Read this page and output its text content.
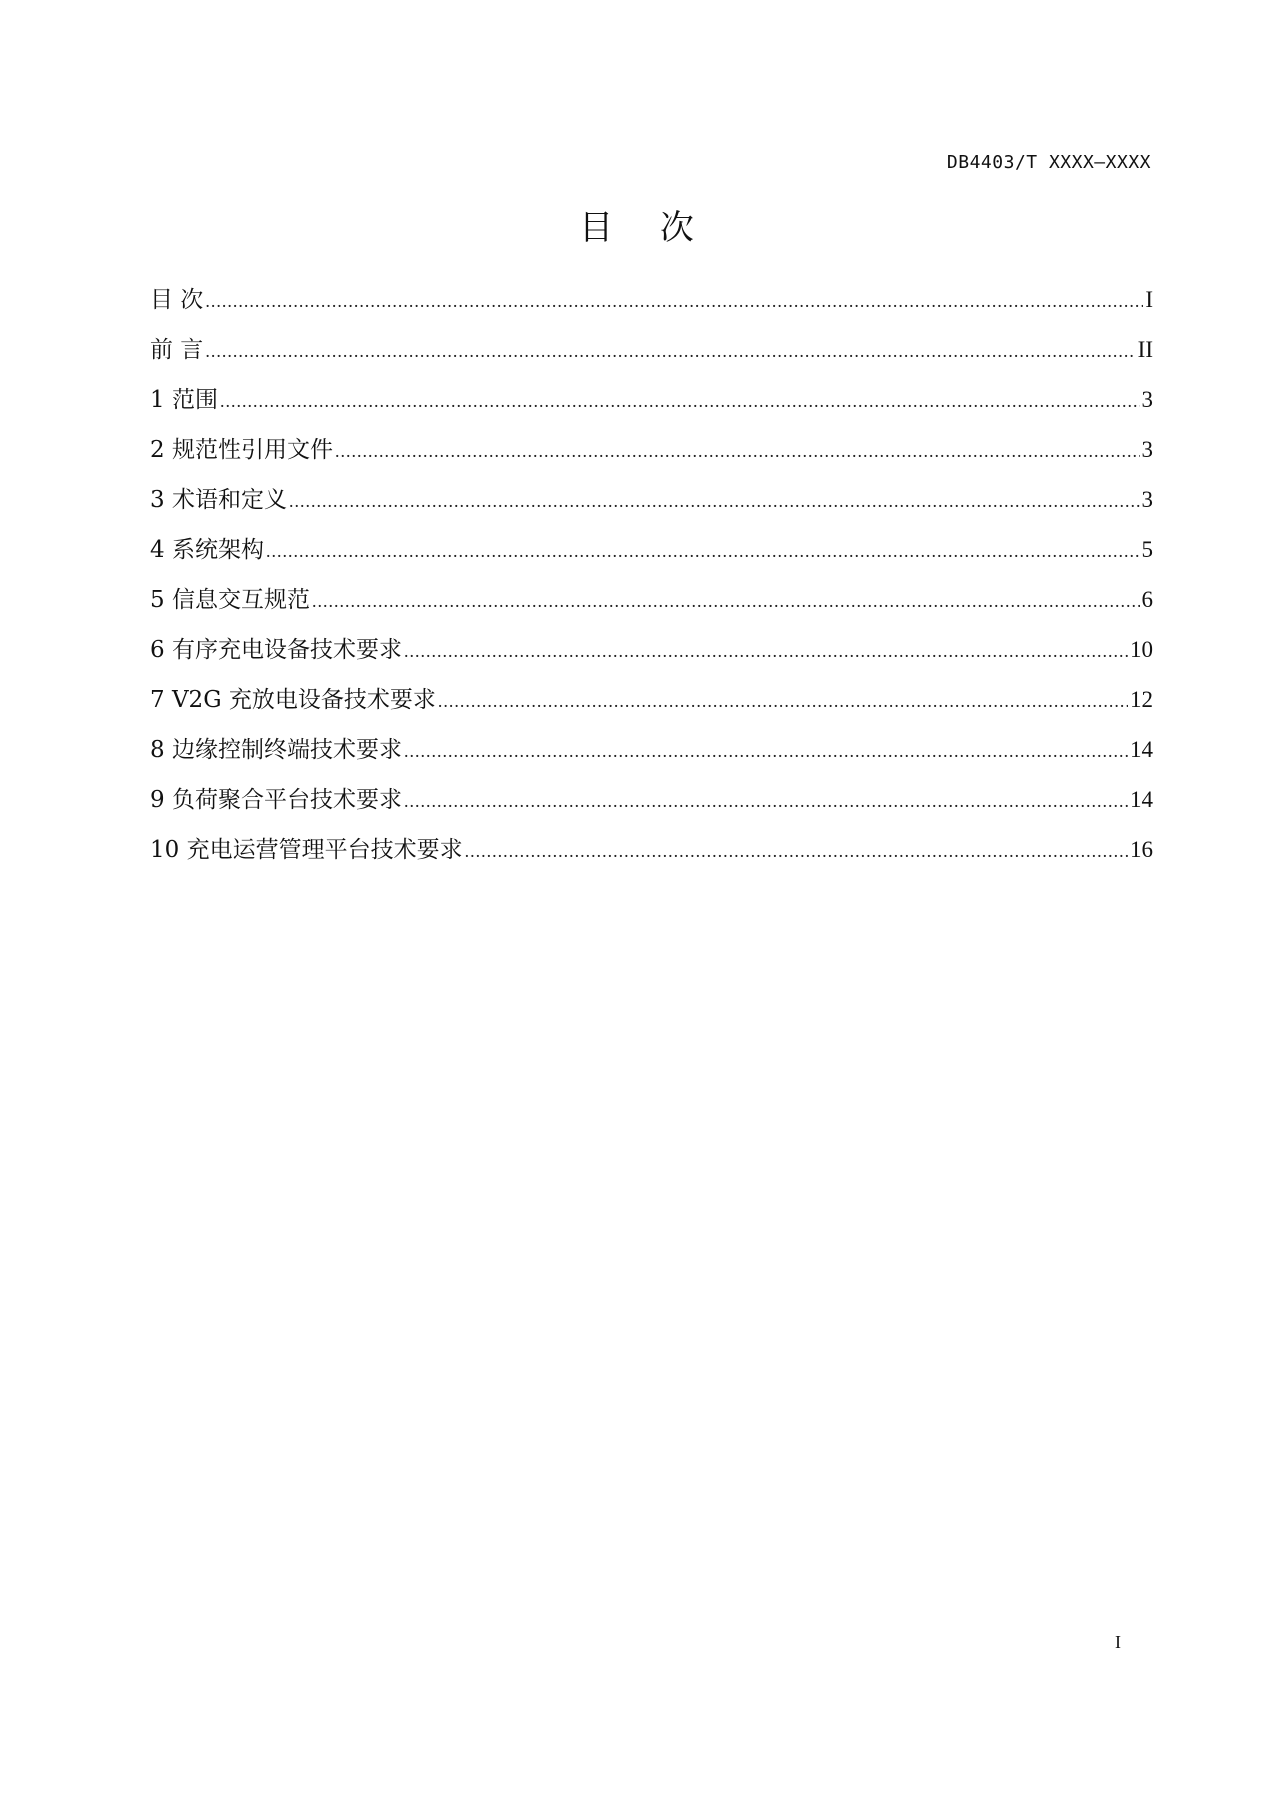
DB4403/T XXXX—XXXX
目 次
目 次 .....	I
前 言 .....	II
1 范围 .....	3
2 规范性引用文件 .....	3
3 术语和定义 .....	3
4 系统架构 .....	5
5 信息交互规范 .....	6
6 有序充电设备技术要求 .....	10
7 V2G 充放电设备技术要求 .....	12
8 边缘控制终端技术要求 .....	14
9 负荷聚合平台技术要求 .....	14
10 充电运营管理平台技术要求 .....	16
I
